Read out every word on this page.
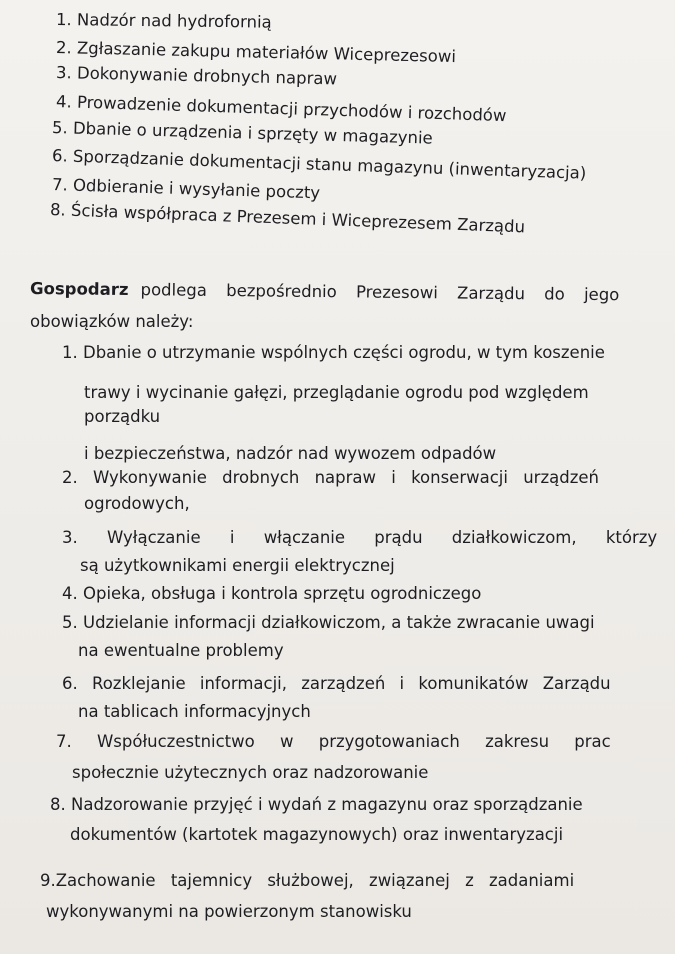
1. Nadzór nad hydrofornią
2. Zgłaszanie zakupu materiałów Wiceprezesowi
3. Dokonywanie drobnych napraw
4. Prowadzenie dokumentacji przychodów i rozchodów
5. Dbanie o urządzenia i sprzęty w magazynie
6. Sporządzanie dokumentacji stanu magazynu (inwentaryzacja)
7. Odbieranie i wysyłanie poczty
8. Ścisła współpraca z Prezesem i Wiceprezesem Zarządu
Gospodarz podlega bezpośrednio Prezesowi Zarządu do jego
obowiązków należy:
1. Dbanie o utrzymanie wspólnych części ogrodu, w tym koszenie
trawy i wycinanie gałęzi, przeglądanie ogrodu pod względem
porządku
i bezpieczeństwa, nadzór nad wywozem odpadów
2. Wykonywanie drobnych napraw i konserwacji urządzeń
ogrodowych,
3. Wyłączanie i włączanie prądu działkowiczom, którzy
są użytkownikami energii elektrycznej
4. Opieka, obsługa i kontrola sprzętu ogrodniczego
5. Udzielanie informacji działkowiczom, a także zwracanie uwagi
na ewentualne problemy
6. Rozklejanie informacji, zarządzeń i komunikatów Zarządu
na tablicach informacyjnych
7. Współuczestnictwo w przygotowaniach zakresu prac
społecznie użytecznych oraz nadzorowanie
8. Nadzorowanie przyjęć i wydań z magazynu oraz sporządzanie
dokumentów (kartotek magazynowych) oraz inwentaryzacji
9.Zachowanie tajemnicy służbowej, związanej z zadaniami
wykonywanymi na powierzonym stanowisku
